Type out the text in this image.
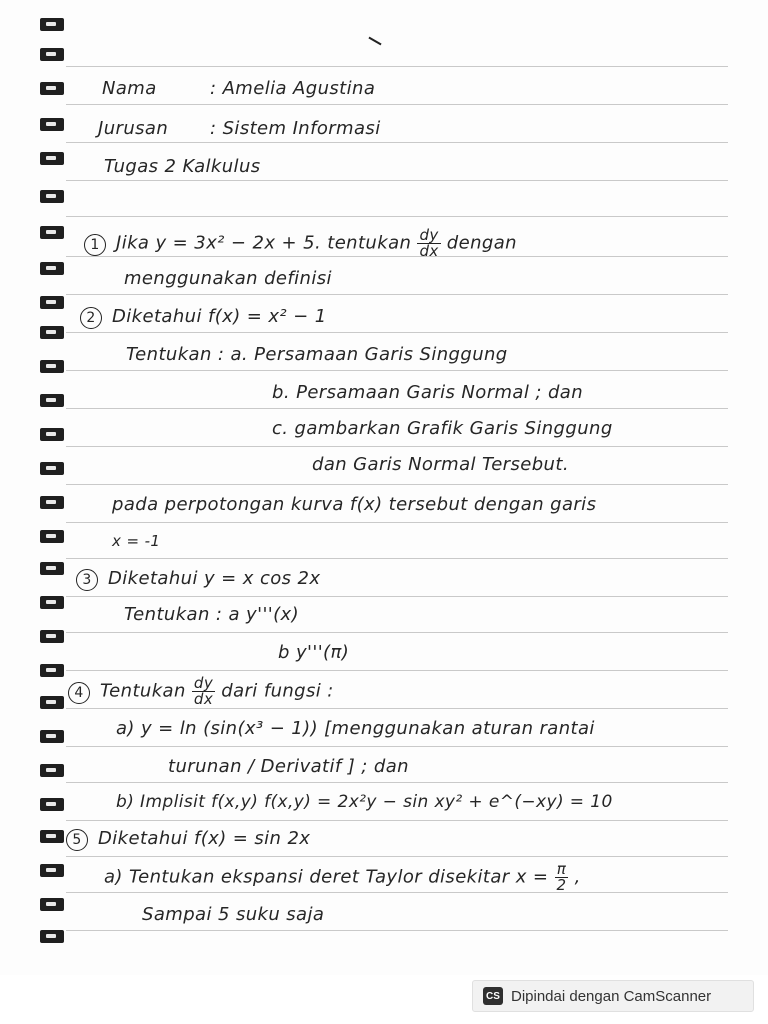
Nama	: Amelia Agustina
Jurusan : Sistem Informasi
Tugas 2 Kalkulus
1 Jika y = 3x² − 2x + 5. tentukan $\frac{dy}{dx}$ dengan
menggunakan definisi
2 Diketahui f(x) = x² − 1
Tentukan : a. Persamaan Garis Singgung
b. Persamaan Garis Normal ; dan
c. gambarkan Grafik Garis Singgung
dan Garis Normal Tersebut.
pada perpotongan kurva f(x) tersebut dengan garis
x = -1
3 Diketahui y = x cos 2x
Tentukan : a y'''(x)
b y'''(π)
4 Tentukan $\frac{dy}{dx}$ dari fungsi :
a) y = ln (sin(x³ − 1)) [menggunakan aturan rantai
turunan / Derivatif ] ; dan
b) Implisit f(x,y) f(x,y) = 2x²y − sin xy² + e^(−xy) = 10
5 Diketahui f(x) = sin 2x
a) Tentukan ekspansi deret Taylor disekitar $x = \frac{\pi}{2}$ ,
Sampai 5 suku saja
CS Dipindai dengan CamScanner
